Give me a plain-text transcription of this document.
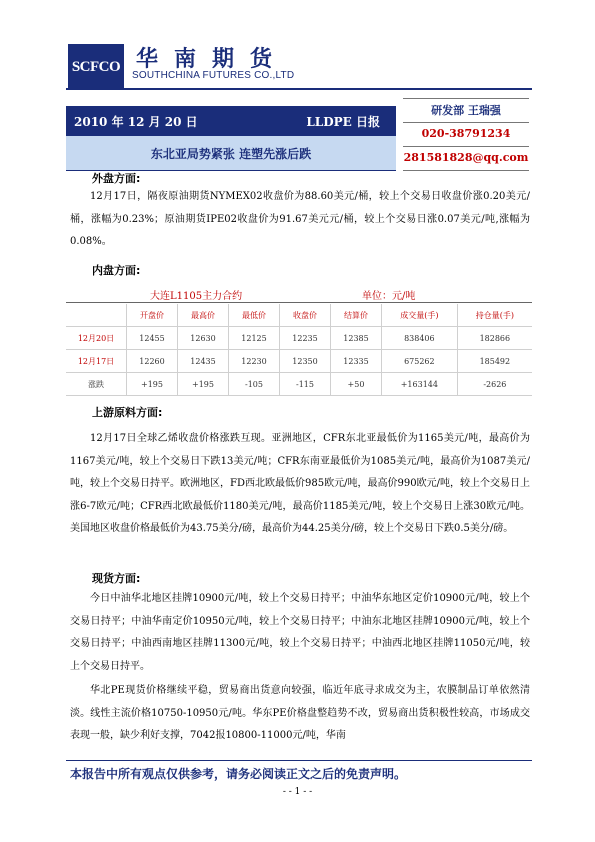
SCFCO 华南期货
SOUTHCHINA FUTURES CO.,LTD
2010 年 12 月 20 日	LLDPE 日报
东北亚局势紧张 连塑先涨后跌
研发部 王瑞强
020-38791234
281581828@qq.com
外盘方面:
12月17日，隔夜原油期货NYMEX02收盘价为88.60美元/桶，较上个交易日收盘价涨0.20美元/桶，涨幅为0.23%；原油期货IPE02收盘价为91.67美元元/桶，较上个交易日涨0.07美元/吨,涨幅为0.08%。
内盘方面:
大连L1105主力合约	单位：元/吨
	开盘价	最高价	最低价	收盘价	结算价	成交量(手)	持仓量(手)
12月20日	12455	12630	12125	12235	12385	838406	182866
12月17日	12260	12435	12230	12350	12335	675262	185492
涨跌	+195	+195	-105	-115	+50	+163144	-2626
上游原料方面:
12月17日全球乙烯收盘价格涨跌互现。亚洲地区，CFR东北亚最低价为1165美元/吨，最高价为1167美元/吨，较上个交易日下跌13美元/吨；CFR东南亚最低价为1085美元/吨，最高价为1087美元/吨，较上个交易日持平。欧洲地区，FD西北欧最低价985欧元/吨，最高价990欧元/吨，较上个交易日上涨6-7欧元/吨；CFR西北欧最低价1180美元/吨，最高价1185美元/吨，较上个交易日上涨30欧元/吨。美国地区收盘价格最低价为43.75美分/磅，最高价为44.25美分/磅，较上个交易日下跌0.5美分/磅。
现货方面:
今日中油华北地区挂牌10900元/吨，较上个交易日持平；中油华东地区定价10900元/吨，较上个交易日持平；中油华南定价10950元/吨，较上个交易日持平；中油东北地区挂牌10900元/吨，较上个交易日持平；中油西南地区挂牌11300元/吨，较上个交易日持平；中油西北地区挂牌11050元/吨，较上个交易日持平。
华北PE现货价格继续平稳，贸易商出货意向较强，临近年底寻求成交为主，农膜制品订单依然清淡。线性主流价格10750-10950元/吨。华东PE价格盘整趋势不改，贸易商出货积极性较高，市场成交表现一般，缺少利好支撑，7042报10800-11000元/吨，华南
本报告中所有观点仅供参考，请务必阅读正文之后的免责声明。
- - 1 - -
